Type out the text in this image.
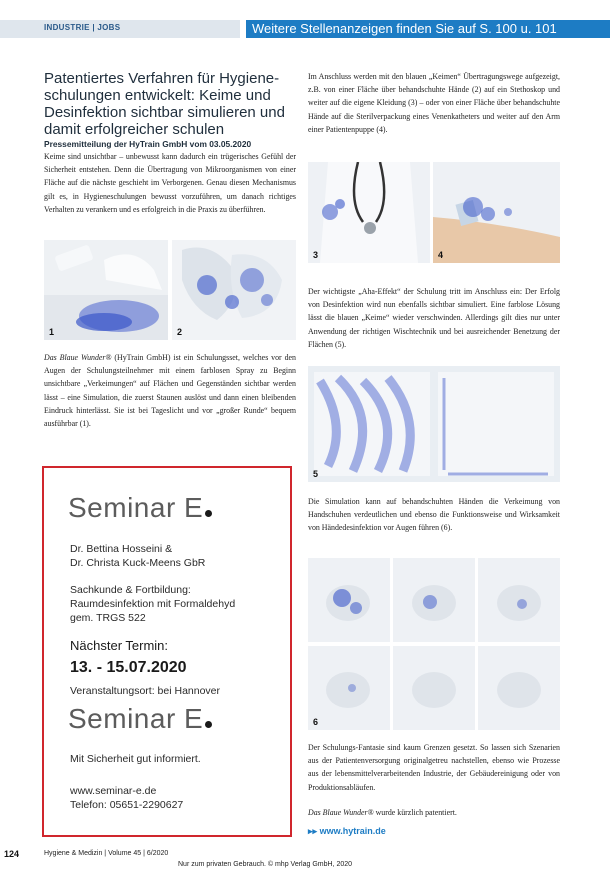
INDUSTRIE | JOBS	Weitere Stellenanzeigen finden Sie auf S. 100 u. 101
Patentiertes Verfahren für Hygiene-schulungen entwickelt: Keime und Desinfektion sichtbar simulieren und damit erfolgreicher schulen
Pressemitteilung der HyTrain GmbH vom 03.05.2020
Keime sind unsichtbar – unbewusst kann dadurch ein trügerisches Gefühl der Sicherheit entstehen. Denn die Übertragung von Mikroorganismen von einer Fläche auf die nächste geschieht im Verborgenen. Genau diesen Mechanismus gilt es, in Hygieneschulungen bewusst vorzuführen, um danach richtiges Verhalten zu verankern und es erfolgreich in die Praxis zu überführen.
1	2
Das Blaue Wunder® (HyTrain GmbH) ist ein Schulungsset, welches vor den Augen der Schulungsteilnehmer mit einem farblosen Spray zu Beginn unsichtbare „Verkeimungen“ auf Flächen und Gegenständen sichtbar werden lässt – eine Simulation, die zuerst Staunen auslöst und dann einen bleibenden Eindruck hinterlässt. Sie ist bei Tageslicht und vor „großer Runde“ bequem ausführbar (1).
Seminar E
Dr. Bettina Hosseini &
Dr. Christa Kuck-Meens GbR
Sachkunde & Fortbildung:
Raumdesinfektion mit Formaldehyd
gem. TRGS 522
Nächster Termin:
13. - 15.07.2020
Veranstaltungsort: bei Hannover
Seminar E
Mit Sicherheit gut informiert.
www.seminar-e.de
Telefon: 05651-2290627
Im Anschluss werden mit den blauen „Keimen“ Übertragungswege aufgezeigt, z.B. von einer Fläche über behandschuhte Hände (2) auf ein Stethoskop und weiter auf die eigene Kleidung (3) – oder von einer Fläche über behandschuhte Hände auf die Sterilverpackung eines Venenkatheters und weiter auf den Arm einer Patientenpuppe (4).
3	4
Der wichtigste „Aha-Effekt“ der Schulung tritt im Anschluss ein: Der Erfolg von Desinfektion wird nun ebenfalls sichtbar simuliert. Eine farblose Lösung lässt die blauen „Keime“ wieder verschwinden. Allerdings gilt dies nur unter Anwendung der richtigen Wischtechnik und bei ausreichender Benetzung der Flächen (5).
5
Die Simulation kann auf behandschuhten Händen die Verkeimung von Handschuhen verdeutlichen und ebenso die Funktionsweise und Wirksamkeit von Händedesinfektion vor Augen führen (6).
6
Der Schulungs-Fantasie sind kaum Grenzen gesetzt. So lassen sich Szenarien aus der Patientenversorgung originalgetreu nachstellen, ebenso wie Prozesse aus der lebensmittelverarbeitenden Industrie, der Gebäudereinigung oder von Produktionsabläufen.
Das Blaue Wunder® wurde kürzlich patentiert.
▸▸ www.hytrain.de
124	Hygiene & Medizin | Volume 45 | 6/2020
Nur zum privaten Gebrauch. © mhp Verlag GmbH, 2020
